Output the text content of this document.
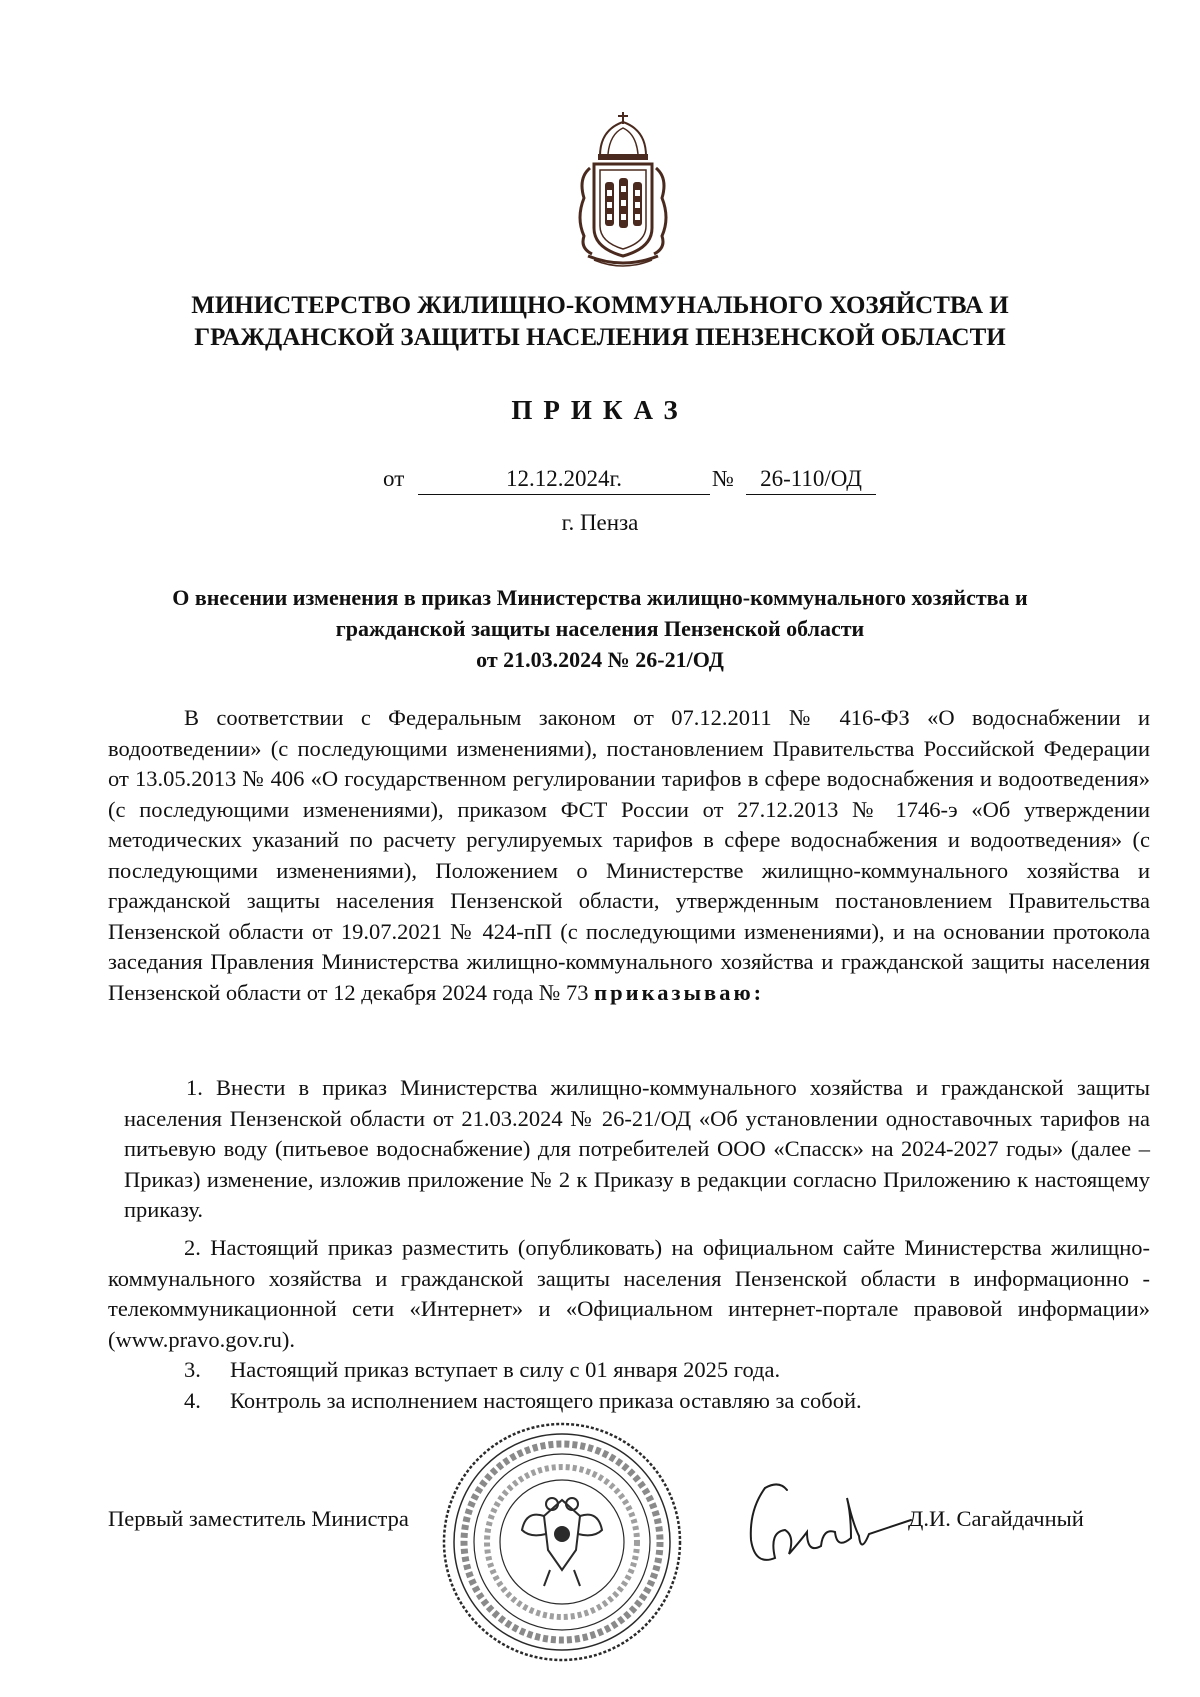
МИНИСТЕРСТВО ЖИЛИЩНО-КОММУНАЛЬНОГО ХОЗЯЙСТВА И
ГРАЖДАНСКОЙ ЗАЩИТЫ НАСЕЛЕНИЯ ПЕНЗЕНСКОЙ ОБЛАСТИ
ПРИКАЗ
от	12.12.2024г.	№	26-110/ОД
г. Пенза
О внесении изменения в приказ Министерства жилищно-коммунального хозяйства и
гражданской защиты населения Пензенской области
от 21.03.2024 № 26-21/ОД
В соответствии с Федеральным законом от 07.12.2011 № 416-ФЗ «О водоснабжении и водоотведении» (с последующими изменениями), постановлением Правительства Российской Федерации от 13.05.2013 № 406 «О государственном регулировании тарифов в сфере водоснабжения и водоотведения» (с последующими изменениями), приказом ФСТ России от 27.12.2013 № 1746-э «Об утверждении методических указаний по расчету регулируемых тарифов в сфере водоснабжения и водоотведения» (с последующими изменениями), Положением о Министерстве жилищно-коммунального хозяйства и гражданской защиты населения Пензенской области, утвержденным постановлением Правительства Пензенской области от 19.07.2021 № 424-пП (с последующими изменениями), и на основании протокола заседания Правления Министерства жилищно-коммунального хозяйства и гражданской защиты населения Пензенской области от 12 декабря 2024 года № 73 приказываю:
1. Внести в приказ Министерства жилищно-коммунального хозяйства и гражданской защиты населения Пензенской области от 21.03.2024 № 26-21/ОД «Об установлении одноставочных тарифов на питьевую воду (питьевое водоснабжение) для потребителей ООО «Спасск» на 2024-2027 годы» (далее – Приказ) изменение, изложив приложение № 2 к Приказу в редакции согласно Приложению к настоящему приказу.
2. Настоящий приказ разместить (опубликовать) на официальном сайте Министерства жилищно-коммунального хозяйства и гражданской защиты населения Пензенской области в информационно - телекоммуникационной сети «Интернет» и «Официальном интернет-портале правовой информации» (www.pravo.gov.ru).
3. Настоящий приказ вступает в силу с 01 января 2025 года.
4. Контроль за исполнением настоящего приказа оставляю за собой.
Первый заместитель Министра	Д.И. Сагайдачный
